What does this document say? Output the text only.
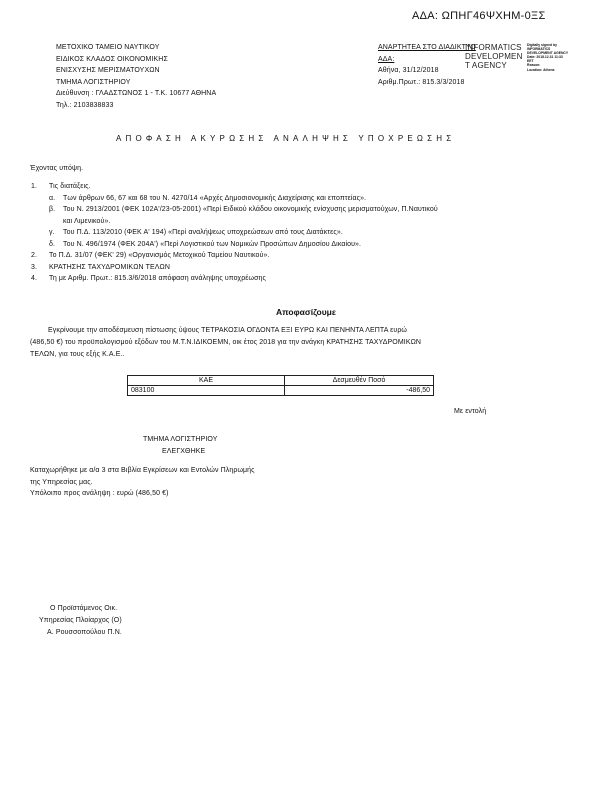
ΑΔΑ: ΩΠΗΓ46ΨΧΗΜ-0ΞΣ
ΜΕΤΟΧΙΚΟ ΤΑΜΕΙΟ ΝΑΥΤΙΚΟΥ
ΕΙΔΙΚΟΣ ΚΛΑΔΟΣ ΟΙΚΟΝΟΜΙΚΗΣ
ΕΝΙΣΧΥΣΗΣ ΜΕΡΙΣΜΑΤΟΥΧΩΝ
ΤΜΗΜΑ ΛΟΓΙΣΤΗΡΙΟΥ
Διεύθυνση : ΓΛΑΔΣΤΩΝΟΣ 1 - Τ.Κ. 10677 ΑΘΗΝΑ
Τηλ.: 2103838833
ΑΝΑΡΤΗΤΕΑ ΣΤΟ ΔΙΑΔΙΚΤΥΟ
ΑΔΑ:
Αθήνα, 31/12/2018
Αριθμ.Πρωτ.: 815.3/3/2018
INFORMATICS
DEVELOPMEN
T AGENCY
Digitally signed by
INFORMATICS
DEVELOPMENT AGENCY
Date: 2018.12.31 11:33
EET
Reason:
Location: Athens
ΑΠΟΦΑΣΗ ΑΚΥΡΩΣΗΣ ΑΝΑΛΗΨΗΣ ΥΠΟΧΡΕΩΣΗΣ
Έχοντας υπόψη.
1. Τις διατάξεις.
α. Των άρθρων 66, 67 και 68 του Ν. 4270/14 «Αρχές Δημοσιονομικής Διαχείρισης και εποπτείας».
β. Του Ν. 2913/2001 (ΦΕΚ 102Α'/23-05-2001) «Περί Ειδικού κλάδου οικονομικής ενίσχυσης μερισματούχων, Π.Ναυτικού
και Λιμενικού».
γ. Του Π.Δ. 113/2010 (ΦΕΚ Α' 194) «Περί αναλήψεως υποχρεώσεων από τους Διατάκτες».
δ. Του Ν. 496/1974 (ΦΕΚ 204Α') «Περί Λογιστικού των Νομικών Προσώπων Δημοσίου Δικαίου».
2. Το Π.Δ. 31/07 (ΦΕΚ' 29) «Οργανισμός Μετοχικού Ταμείου Ναυτικού».
3. ΚΡΑΤΗΣΗΣ ΤΑΧΥΔΡΟΜΙΚΩΝ ΤΕΛΩΝ
4. Τη με Αριθμ. Πρωτ.: 815.3/6/2018 απόφαση ανάληψης υποχρέωσης
Αποφασίζουμε
Εγκρίνουμε την αποδέσμευση πίστωσης ύψους ΤΕΤΡΑΚΟΣΙΑ ΟΓΔΟΝΤΑ ΕΞΙ ΕΥΡΩ ΚΑΙ ΠΕΝΗΝΤΑ ΛΕΠΤΑ ευρώ
(486,50 €) του προϋπολογισμού εξόδων του Μ.Τ.Ν.ΙΔΙΚΟΕΜΝ, οικ έτος 2018 για την ανάγκη ΚΡΑΤΗΣΗΣ ΤΑΧΥΔΡΟΜΙΚΩΝ
ΤΕΛΩΝ, για τους εξής Κ.Α.Ε..
ΚΑΕ	Δεσμευθέν Ποσό
083100	-486,50
Με εντολή
ΤΜΗΜΑ ΛΟΓΙΣΤΗΡΙΟΥ
ΕΛΕΓΧΘΗΚΕ
Καταχωρήθηκε με α/α 3 στα Βιβλία Εγκρίσεων και Εντολών Πληρωμής
της Υπηρεσίας μας.
Υπόλοιπο προς ανάληψη : ευρώ (486,50 €)
Ο Προϊστάμενος Οικ.
Υπηρεσίας Πλοίαρχος (Ο)
Α. Ρουσσοπούλου Π.Ν.
